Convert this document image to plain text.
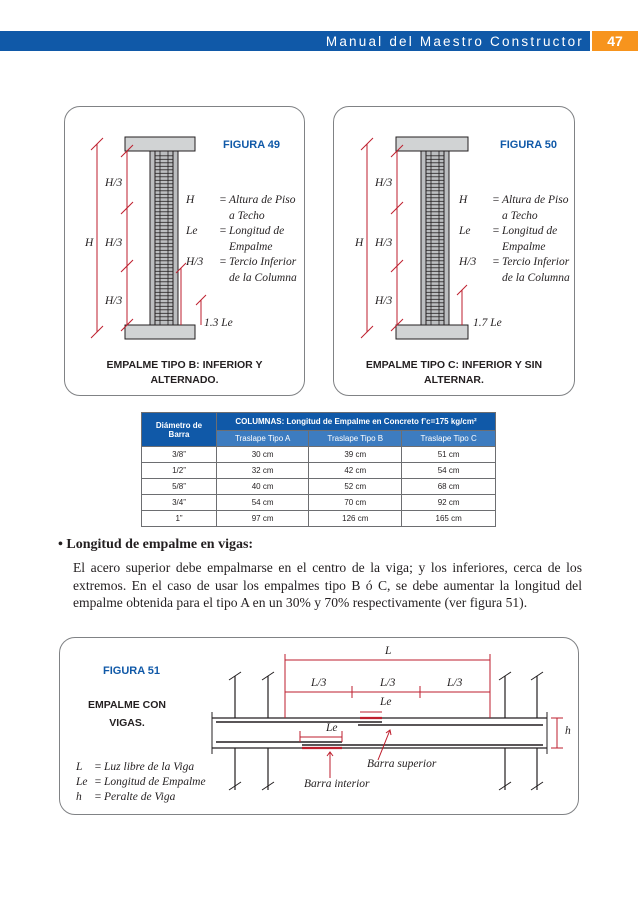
Manual del Maestro Constructor	47
FIGURA 49	FIGURA 50
FIGURA 51
H/3
H H/3
H/3
1.3 Le
H	= Altura de Piso
a Techo
Le	= Longitud de
Empalme
H/3	= Tercio Inferior
de la Columna
EMPALME TIPO B: INFERIOR Y
ALTERNADO.
H/3
H H/3
H/3
1.7 Le
H	= Altura de Piso
a Techo
Le	= Longitud de
Empalme
H/3	= Tercio Inferior
de la Columna
EMPALME TIPO C: INFERIOR Y SIN
ALTERNAR.
Diámetro de
Barra	COLUMNAS: Longitud de Empalme en Concreto f’c=175 kg/cm²		
	Traslape Tipo A	Traslape Tipo B	Traslape Tipo C
3/8”	30 cm	39 cm	51 cm
1/2”	32 cm	42 cm	54 cm
5/8”	40 cm	52 cm	68 cm
3/4”	54 cm	70 cm	92 cm
1”	97 cm	126 cm	165 cm
• Longitud de empalme en vigas:
El acero superior debe empalmarse en el centro de la viga; y los inferiores, cerca de los extremos. En el caso de usar los empalmes tipo B ó C, se debe aumentar la longitud del empalme obtenida para el tipo A en un 30% y 70% respectivamente (ver figura 51).
EMPALME CON
VIGAS.
L
L/3	L/3	L/3
Le
Le	h
Barra superior
Barra interior
L	= Luz libre de la Viga
Le = Longitud de Empalme
h	= Peralte de Viga
